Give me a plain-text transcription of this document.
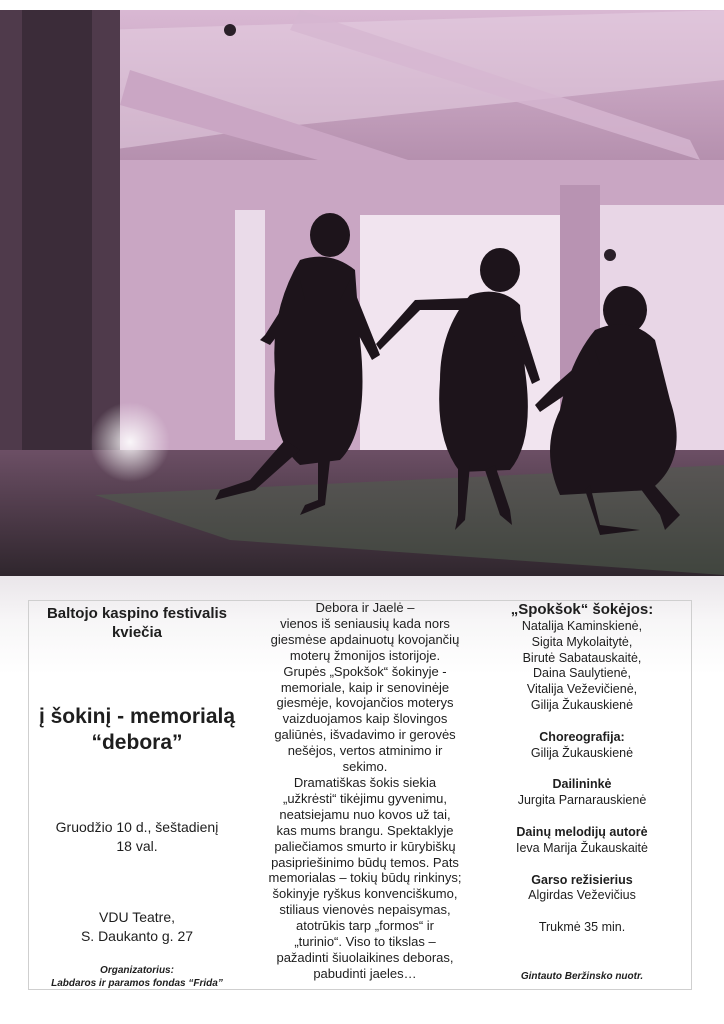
Baltojo kaspino festivalis

kviečia

į šokinį - memorialą

“debora”

Gruodžio 10 d., šeštadienį

18 val.

VDU Teatre,

S. Daukanto g. 27

Organizatorius:
Labdaros ir paramos fondas “Frida”

Debora ir Jaelė –
vienos iš seniausių kada nors
giesmėse apdainuotų kovojančių
moterų žmonijos istorijoje.
Grupės „Spokšok“ šokinyje -
memoriale, kaip ir senovinėje
giesmėje, kovojančios moterys
vaizduojamos kaip šlovingos
galiūnės, išvadavimo ir gerovės
nešėjos, vertos atminimo ir
sekimo.
Dramatiškas šokis siekia
„užkrėsti“ tikėjimu gyvenimu,
neatsiejamu nuo kovos už tai,
kas mums brangu. Spektaklyje
paliečiamos smurto ir kūrybiškų
pasipriešinimo būdų temos. Pats
memorialas – tokių būdų rinkinys;
šokinyje ryškus konvenciškumo,
stiliaus vienovės nepaisymas,
atotrūkis tarp „formos“ ir
„turinio“. Viso to tikslas –
pažadinti šiuolaikines deboras,
pabudinti jaeles…

„Spokšok“ šokėjos:

Natalija Kaminskienė,

Sigita Mykolaitytė,

Birutė Sabatauskaitė,

Daina Saulytienė,

Vitalija Veževičienė,

Gilija Žukauskienė

Choreografija:

Gilija Žukauskienė

Dailininkė

Jurgita Parnarauskienė

Dainų melodijų autorė

Ieva Marija Žukauskaitė

Garso režisierius

Algirdas Veževičius

Trukmė 35 min.

Gintauto Beržinsko nuotr.
